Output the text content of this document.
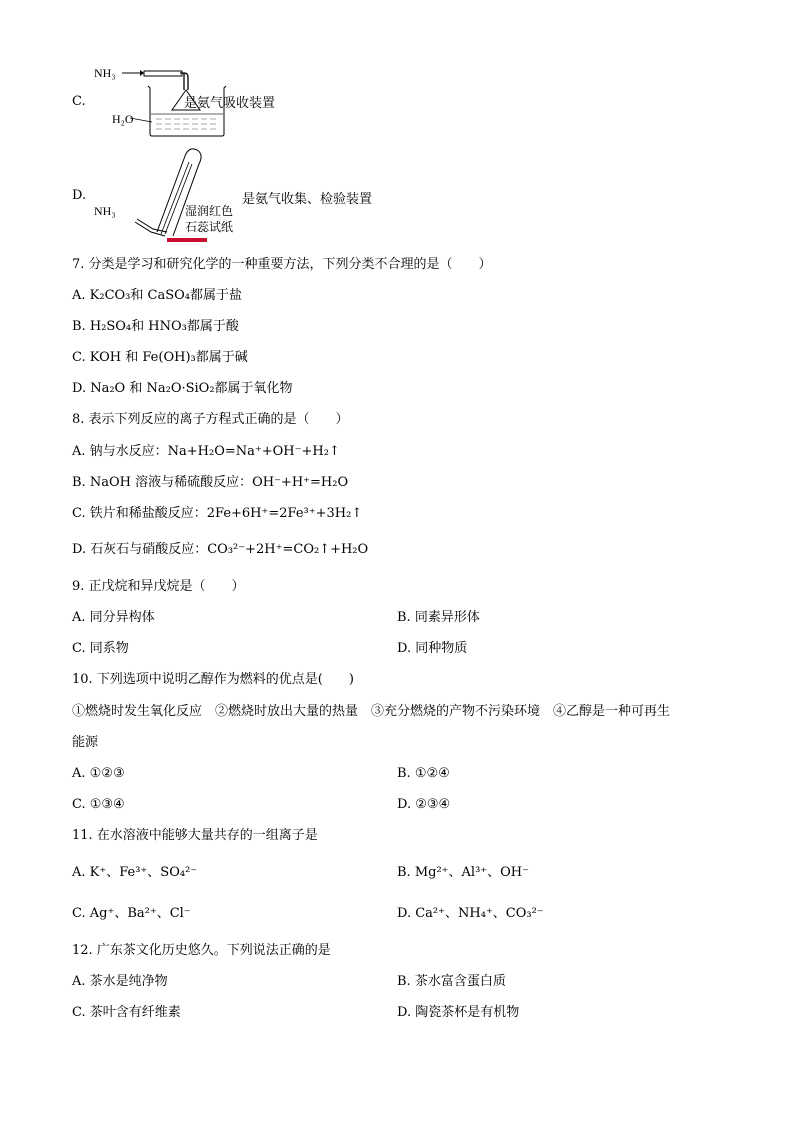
C.
NH₃
H₂O
是氨气吸收装置
D.
NH₃	湿润红色
石蕊试纸
是氨气收集、检验装置
7. 分类是学习和研究化学的一种重要方法，下列分类不合理的是（　　）
A. K₂CO₃和 CaSO₄都属于盐
B. H₂SO₄和 HNO₃都属于酸
C. KOH 和 Fe(OH)₃都属于碱
D. Na₂O 和 Na₂O·SiO₂都属于氧化物
8. 表示下列反应的离子方程式正确的是（　　）
A. 钠与水反应：Na+H₂O=Na⁺+OH⁻+H₂↑
B. NaOH 溶液与稀硫酸反应：OH⁻+H⁺=H₂O
C. 铁片和稀盐酸反应：2Fe+6H⁺=2Fe³⁺+3H₂↑
D. 石灰石与硝酸反应：CO₃²⁻+2H⁺=CO₂↑+H₂O
9. 正戊烷和异戊烷是（　　）
A. 同分异构体	B. 同素异形体
C. 同系物	D. 同种物质
10. 下列选项中说明乙醇作为燃料的优点是(　　)
①燃烧时发生氧化反应　②燃烧时放出大量的热量　③充分燃烧的产物不污染环境　④乙醇是一种可再生
能源
A. ①②③	B. ①②④
C. ①③④	D. ②③④
11. 在水溶液中能够大量共存的一组离子是
A. K⁺、Fe³⁺、SO₄²⁻	B. Mg²⁺、Al³⁺、OH⁻
C. Ag⁺、Ba²⁺、Cl⁻	D. Ca²⁺、NH₄⁺、CO₃²⁻
12. 广东茶文化历史悠久。下列说法正确的是
A. 茶水是纯净物	B. 茶水富含蛋白质
C. 茶叶含有纤维素	D. 陶瓷茶杯是有机物
